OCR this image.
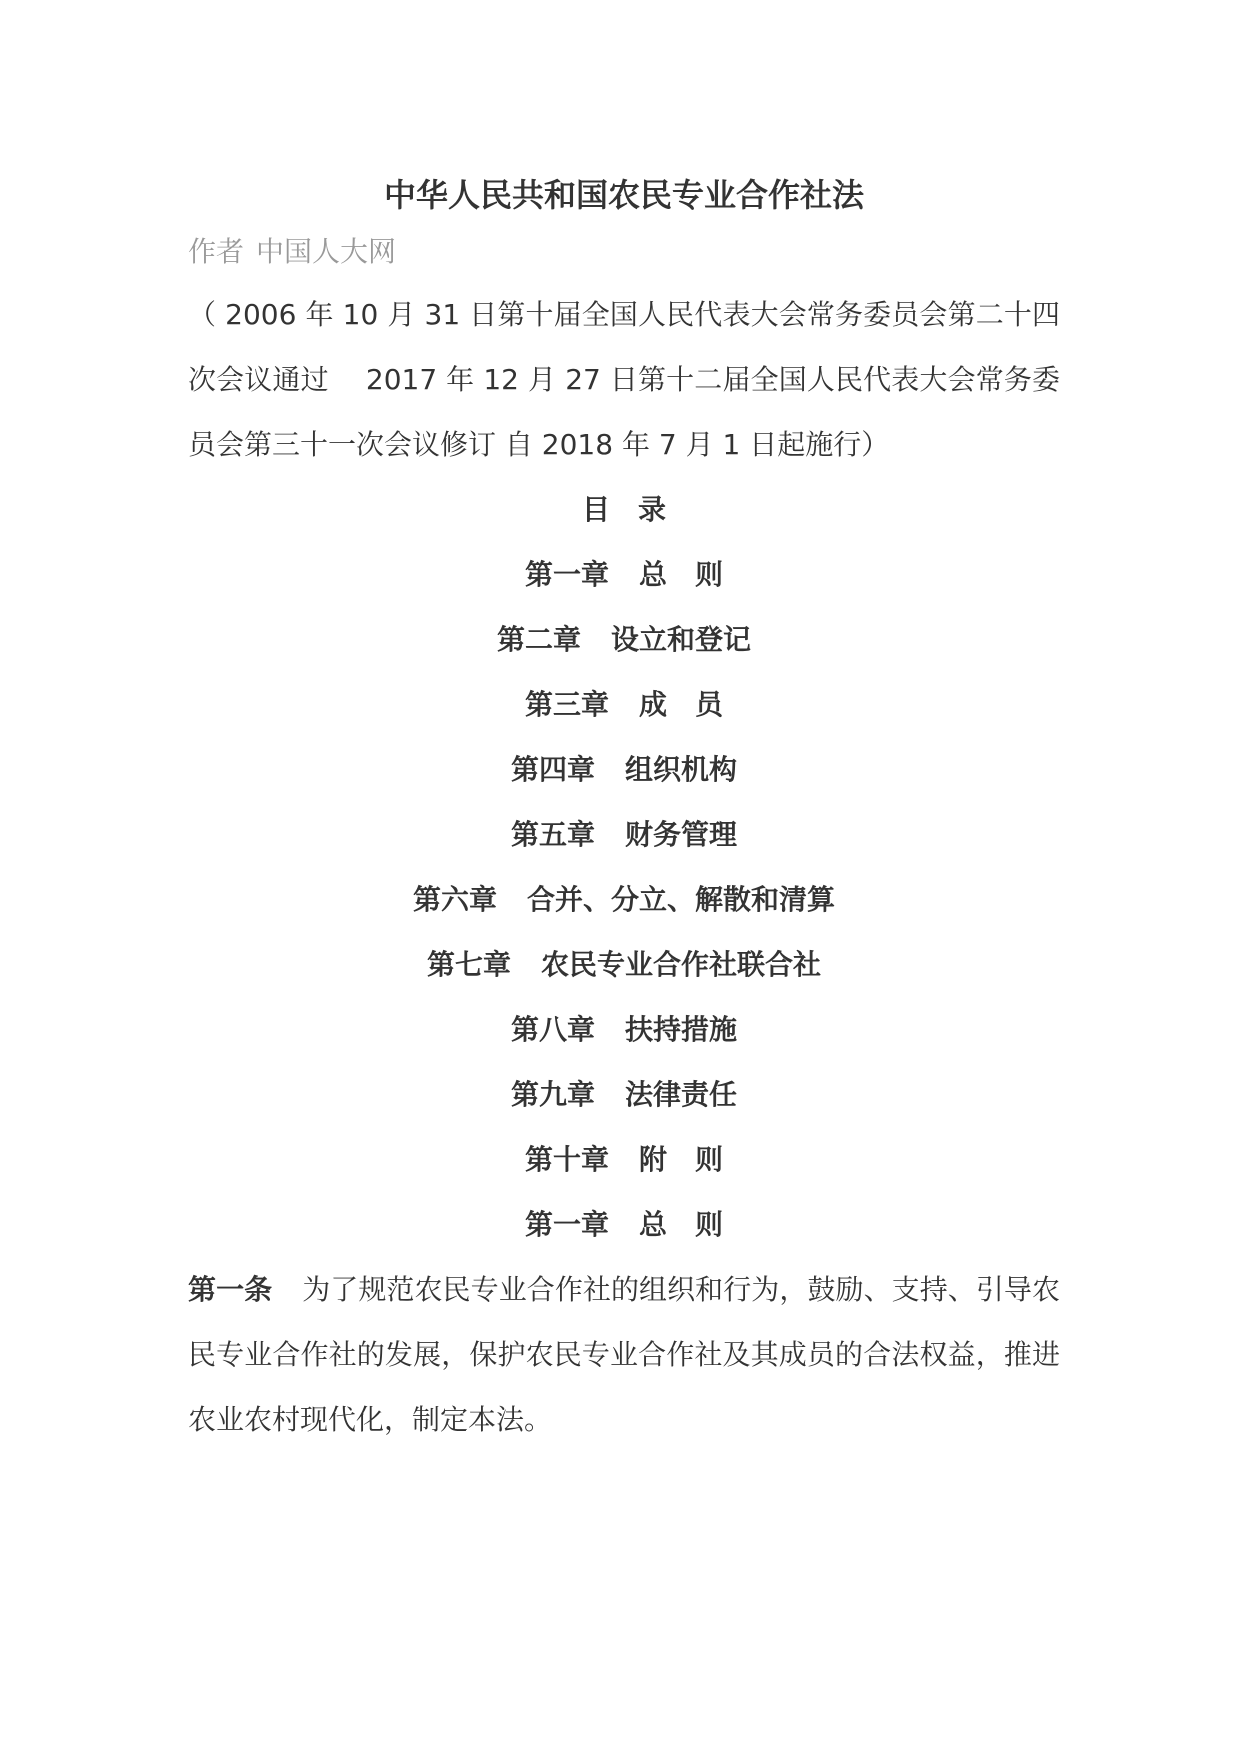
中华人民共和国农民专业合作社法
作者 中国人大网
（ 2006 年 10 月 31 日第十届全国人民代表大会常务委员会第二十四次会议通过　 2017 年 12 月 27 日第十二届全国人民代表大会常务委员会第三十一次会议修订 自 2018 年 7 月 1 日起施行）
目　录
第一章 总　则
第二章 设立和登记
第三章 成　员
第四章 组织机构
第五章 财务管理
第六章 合并、分立、解散和清算
第七章 农民专业合作社联合社
第八章 扶持措施
第九章 法律责任
第十章 附　则
第一章 总　则
第一条 为了规范农民专业合作社的组织和行为，鼓励、支持、引导农民专业合作社的发展，保护农民专业合作社及其成员的合法权益，推进农业农村现代化，制定本法。
